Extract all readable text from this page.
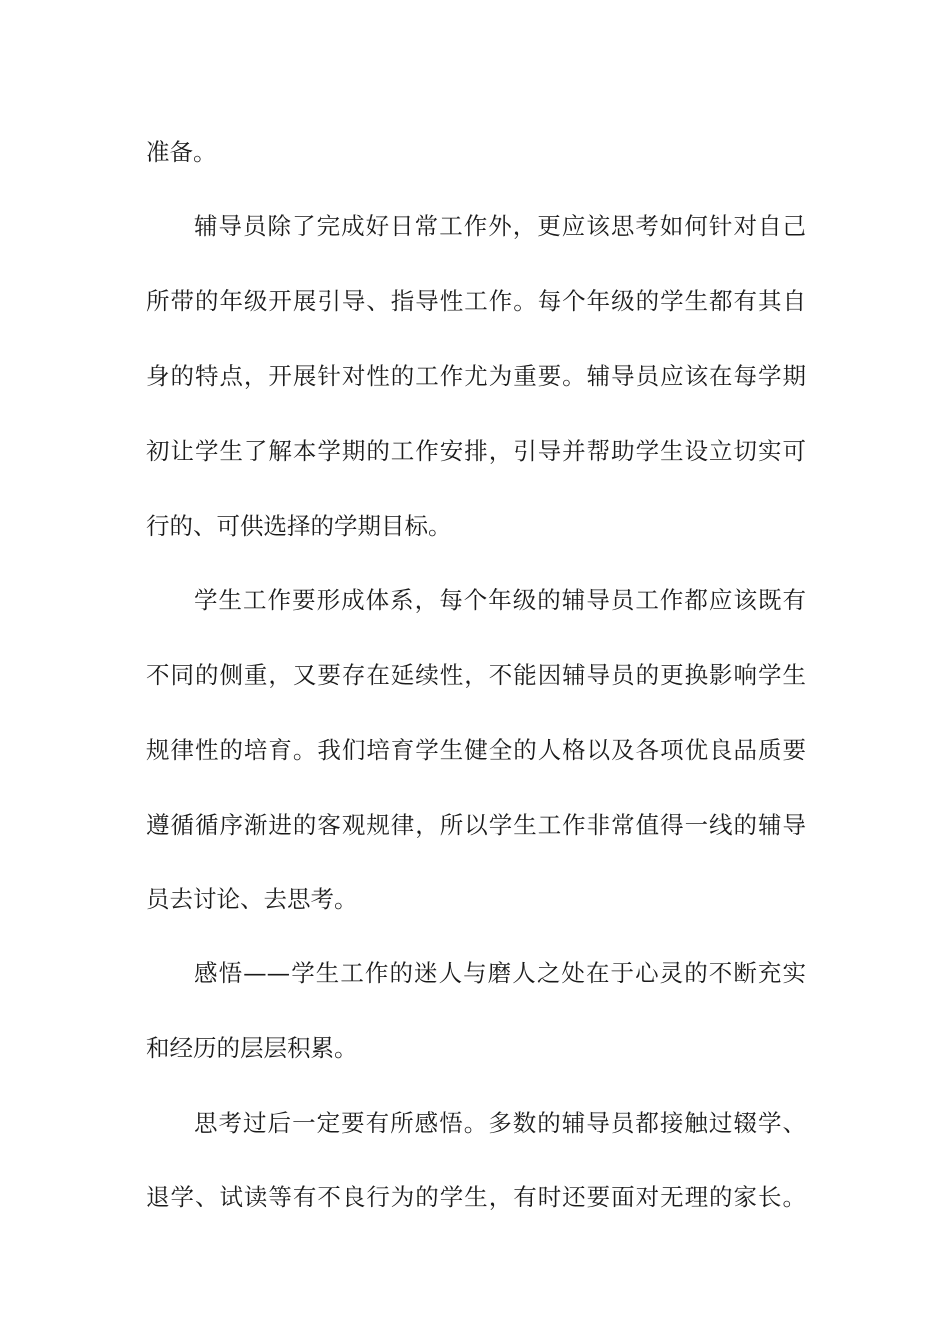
准备。
辅导员除了完成好日常工作外，更应该思考如何针对自己
所带的年级开展引导、指导性工作。每个年级的学生都有其自
身的特点，开展针对性的工作尤为重要。辅导员应该在每学期
初让学生了解本学期的工作安排，引导并帮助学生设立切实可
行的、可供选择的学期目标。
学生工作要形成体系，每个年级的辅导员工作都应该既有
不同的侧重，又要存在延续性，不能因辅导员的更换影响学生
规律性的培育。我们培育学生健全的人格以及各项优良品质要
遵循循序渐进的客观规律，所以学生工作非常值得一线的辅导
员去讨论、去思考。
感悟——学生工作的迷人与磨人之处在于心灵的不断充实
和经历的层层积累。
思考过后一定要有所感悟。多数的辅导员都接触过辍学、
退学、试读等有不良行为的学生，有时还要面对无理的家长。
